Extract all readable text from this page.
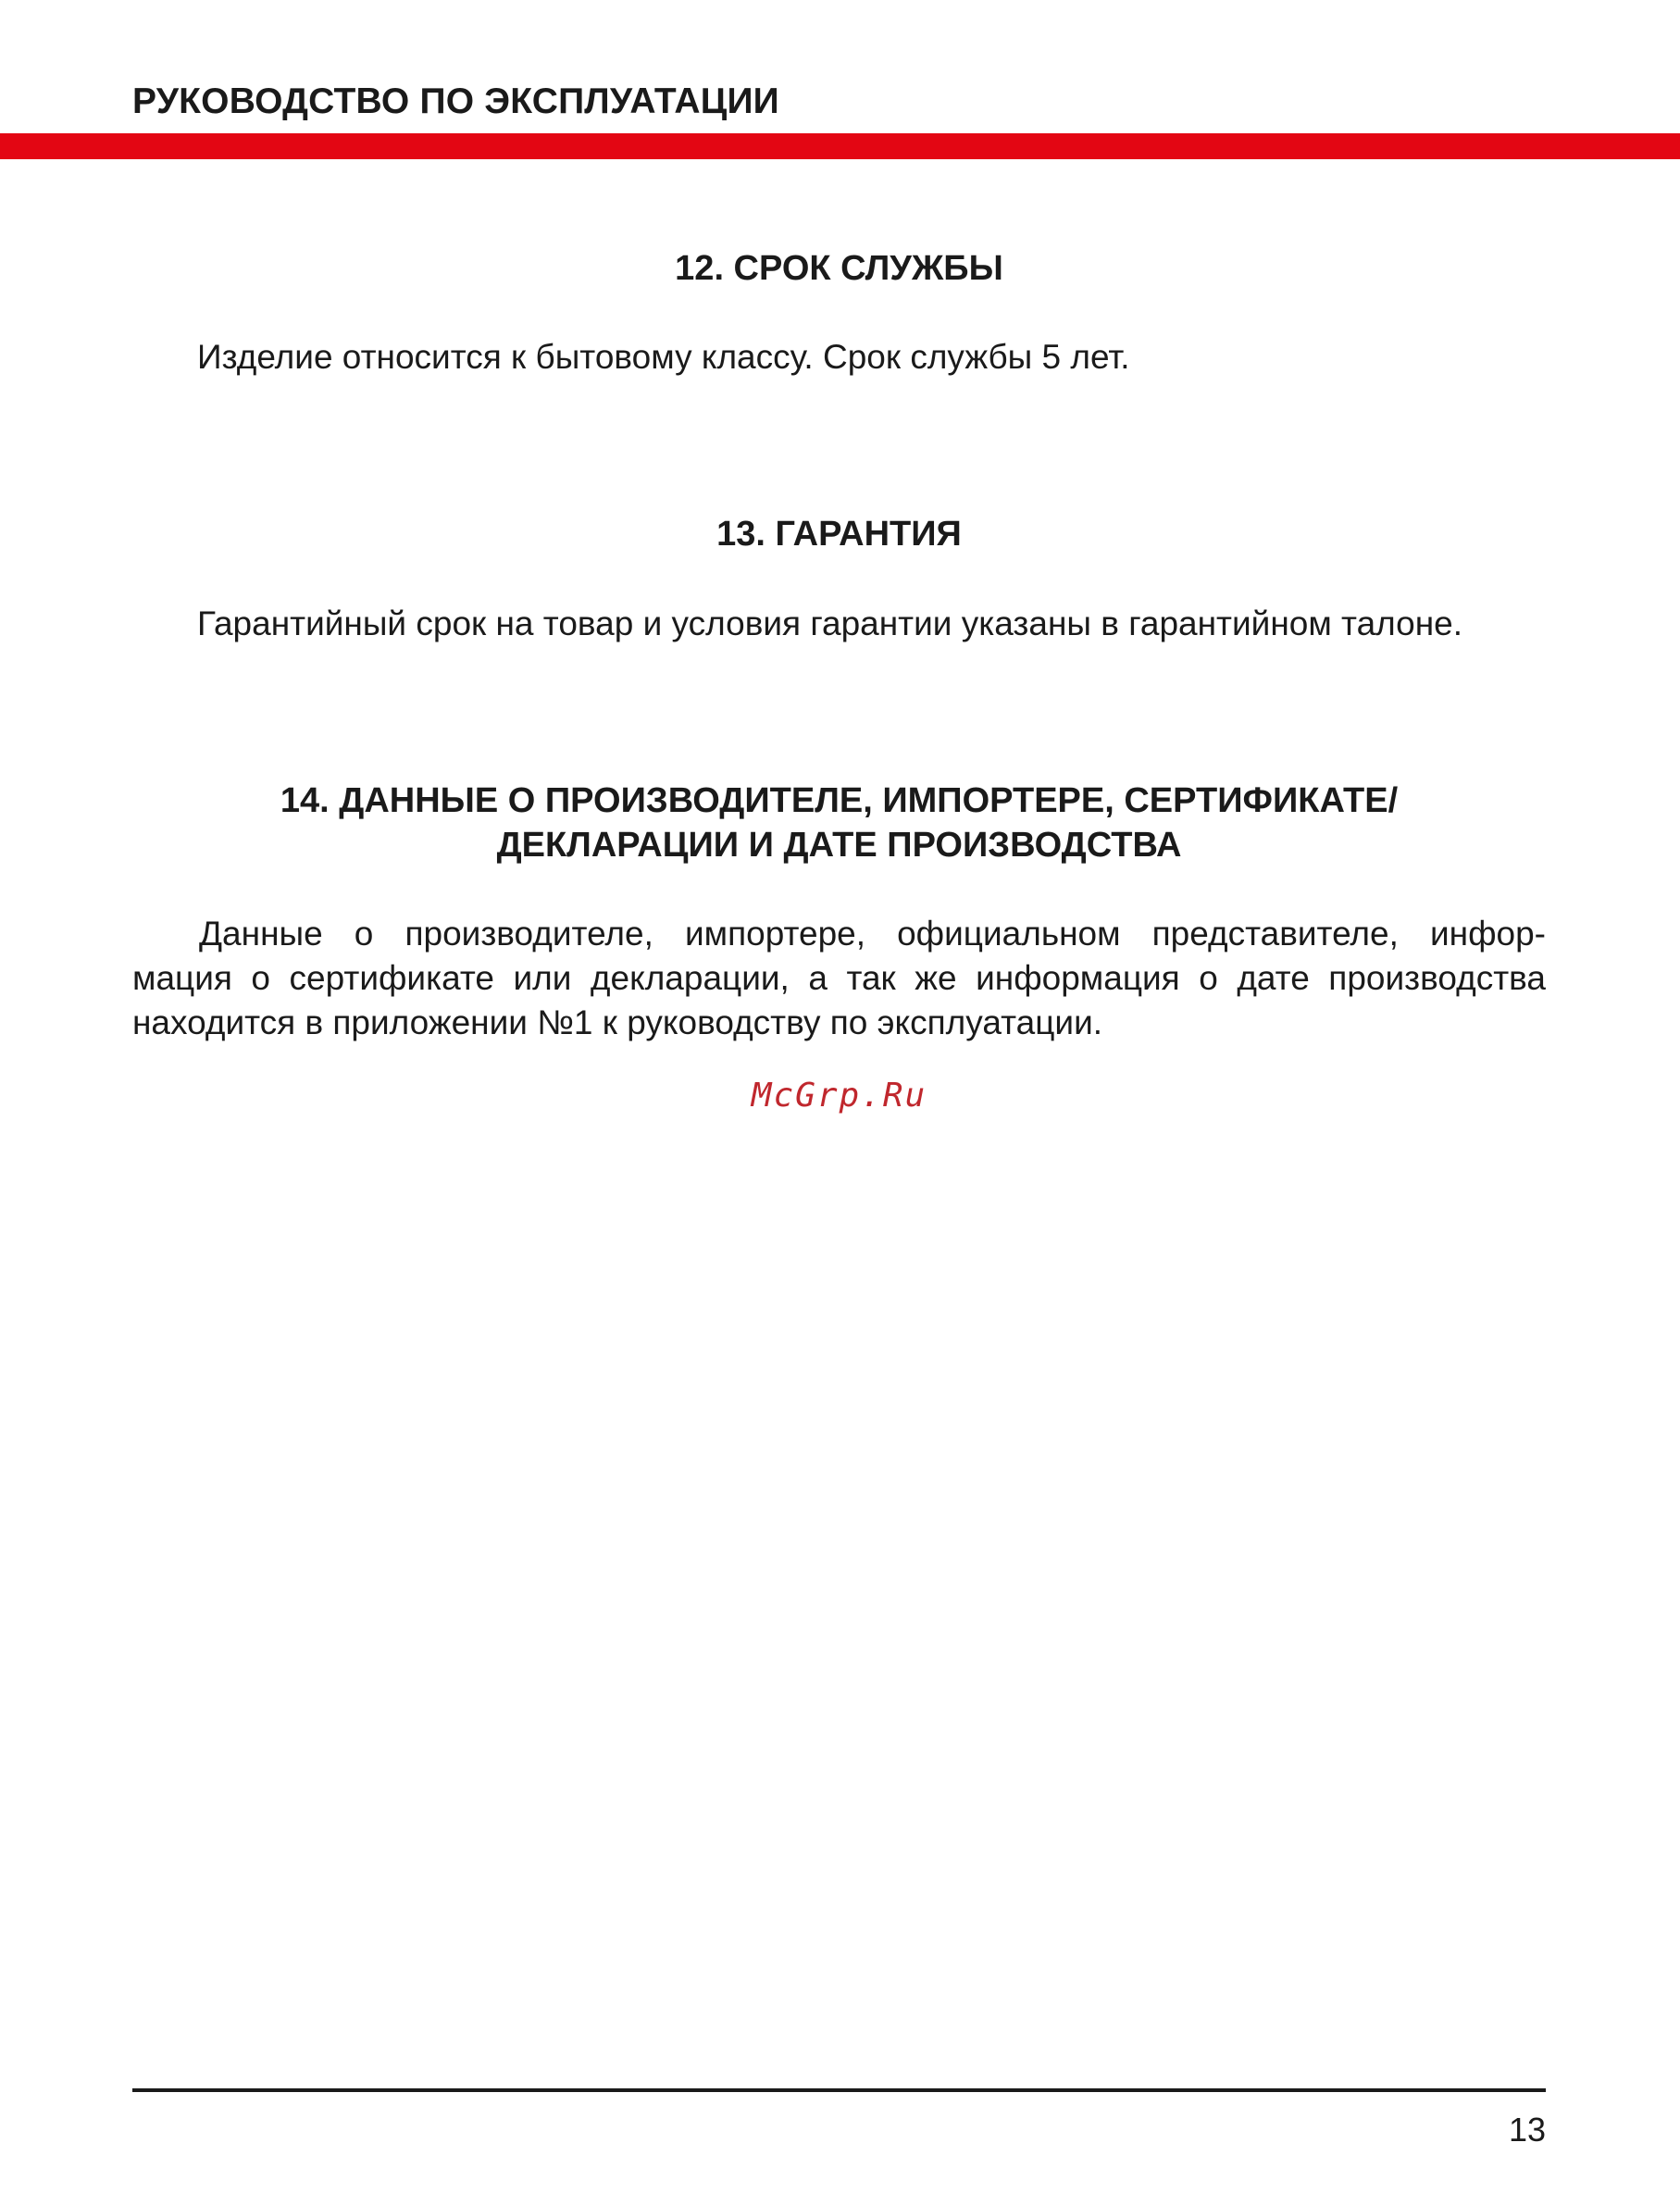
РУКОВОДСТВО ПО ЭКСПЛУАТАЦИИ
12. СРОК СЛУЖБЫ
Изделие относится к бытовому классу. Срок службы 5 лет.
13. ГАРАНТИЯ
Гарантийный срок на товар и условия гарантии указаны в гарантийном талоне.
14. ДАННЫЕ О ПРОИЗВОДИТЕЛЕ, ИМПОРТЕРЕ, СЕРТИФИКАТЕ/
ДЕКЛАРАЦИИ И ДАТЕ ПРОИЗВОДСТВА
Данные о производителе, импортере, официальном представителе, инфор-
мация о сертификате или декларации, а так же информация о дате производства
находится в приложении №1 к руководству по эксплуатации.
McGrp.Ru
13
